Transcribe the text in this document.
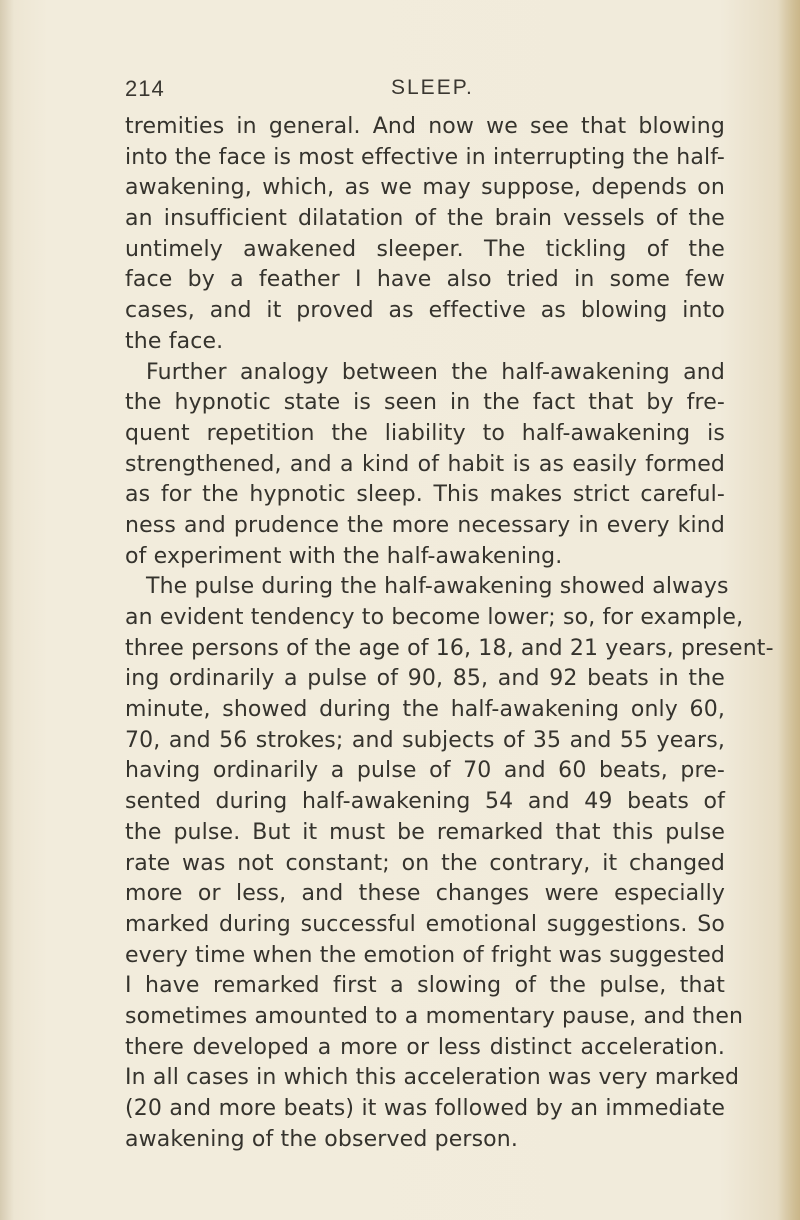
214	SLEEP.
tremities in general. And now we see that blowing
into the face is most effective in interrupting the half-
awakening, which, as we may suppose, depends on
an insufficient dilatation of the brain vessels of the
untimely awakened sleeper. The tickling of the
face by a feather I have also tried in some few
cases, and it proved as effective as blowing into
the face.
Further analogy between the half-awakening and
the hypnotic state is seen in the fact that by fre-
quent repetition the liability to half-awakening is
strengthened, and a kind of habit is as easily formed
as for the hypnotic sleep. This makes strict careful-
ness and prudence the more necessary in every kind
of experiment with the half-awakening.
The pulse during the half-awakening showed always
an evident tendency to become lower; so, for example,
three persons of the age of 16, 18, and 21 years, present-
ing ordinarily a pulse of 90, 85, and 92 beats in the
minute, showed during the half-awakening only 60,
70, and 56 strokes; and subjects of 35 and 55 years,
having ordinarily a pulse of 70 and 60 beats, pre-
sented during half-awakening 54 and 49 beats of
the pulse. But it must be remarked that this pulse
rate was not constant; on the contrary, it changed
more or less, and these changes were especially
marked during successful emotional suggestions. So
every time when the emotion of fright was suggested
I have remarked first a slowing of the pulse, that
sometimes amounted to a momentary pause, and then
there developed a more or less distinct acceleration.
In all cases in which this acceleration was very marked
(20 and more beats) it was followed by an immediate
awakening of the observed person.
